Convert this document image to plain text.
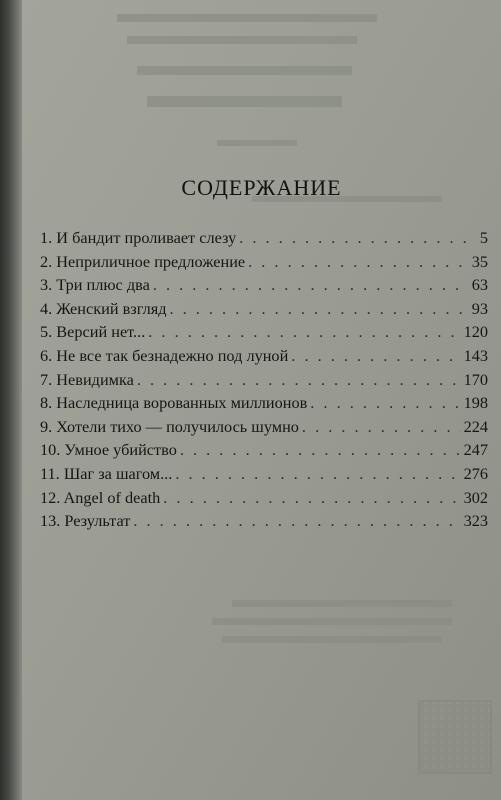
СОДЕРЖАНИЕ
1. И бандит проливает слезу . . .	5
2. Неприличное предложение . . .	35
3. Три плюс два . . .	63
4. Женский взгляд . . .	93
5. Версий нет... . . .	120
6. Не все так безнадежно под луной . . .	143
7. Невидимка . . .	170
8. Наследница ворованных миллионов . . .	198
9. Хотели тихо — получилось шумно . . .	224
10. Умное убийство . . .	247
11. Шаг за шагом... . . .	276
12. Angel of death . . .	302
13. Результат . . .	323
